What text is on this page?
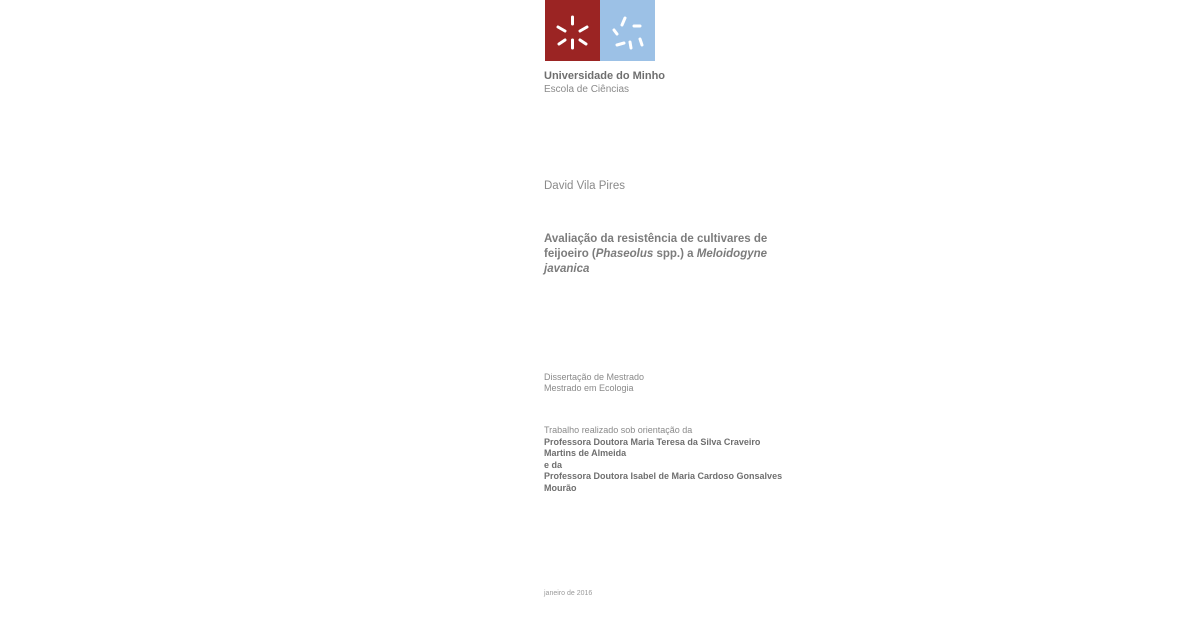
Universidade do Minho
Escola de Ciências
David Vila Pires
Avaliação da resistência de cultivares de feijoeiro (Phaseolus spp.) a Meloidogyne javanica
Dissertação de Mestrado
Mestrado em Ecologia
Trabalho realizado sob orientação da
Professora Doutora Maria Teresa da Silva Craveiro Martins de Almeida
e da
Professora Doutora Isabel de Maria Cardoso Gonsalves Mourão
janeiro de 2016
